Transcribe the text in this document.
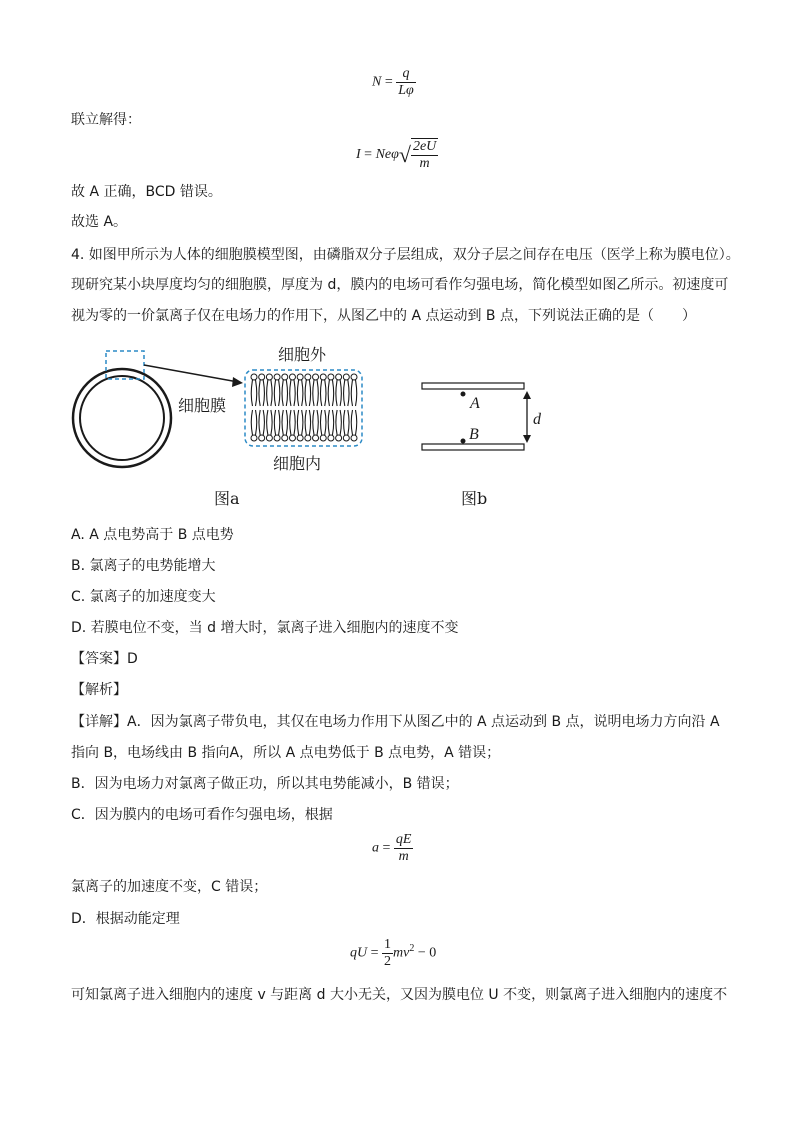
$N = \frac{q}{L\varphi}$
联立解得：
$I = Ne\varphi√ \frac{2eU}{m}$
故 A 正确，BCD 错误。
故选 A。
4. 如图甲所示为人体的细胞膜模型图，由磷脂双分子层组成，双分子层之间存在电压（医学上称为膜电位）。
现研究某小块厚度均匀的细胞膜，厚度为 d，膜内的电场可看作匀强电场，简化模型如图乙所示。初速度可
视为零的一价氯离子仅在电场力的作用下，从图乙中的 A 点运动到 B 点，下列说法正确的是（　　）
细胞外
细胞膜
细胞内
A
B
d
图a	图b
A. A 点电势高于 B 点电势
B. 氯离子的电势能增大
C. 氯离子的加速度变大
D. 若膜电位不变，当 d 增大时，氯离子进入细胞内的速度不变
【答案】D
【解析】
【详解】A．因为氯离子带负电，其仅在电场力作用下从图乙中的 A 点运动到 B 点，说明电场力方向沿 A
指向 B，电场线由 B 指向A，所以 A 点电势低于 B 点电势，A 错误；
B．因为电场力对氯离子做正功，所以其电势能减小，B 错误；
C．因为膜内的电场可看作匀强电场，根据
$a = \frac{qE}{m}$
氯离子的加速度不变，C 错误；
D．根据动能定理
qU = $\frac{1}{2} mv^2 - 0$
可知氯离子进入细胞内的速度 v 与距离 d 大小无关，又因为膜电位 U 不变，则氯离子进入细胞内的速度不
